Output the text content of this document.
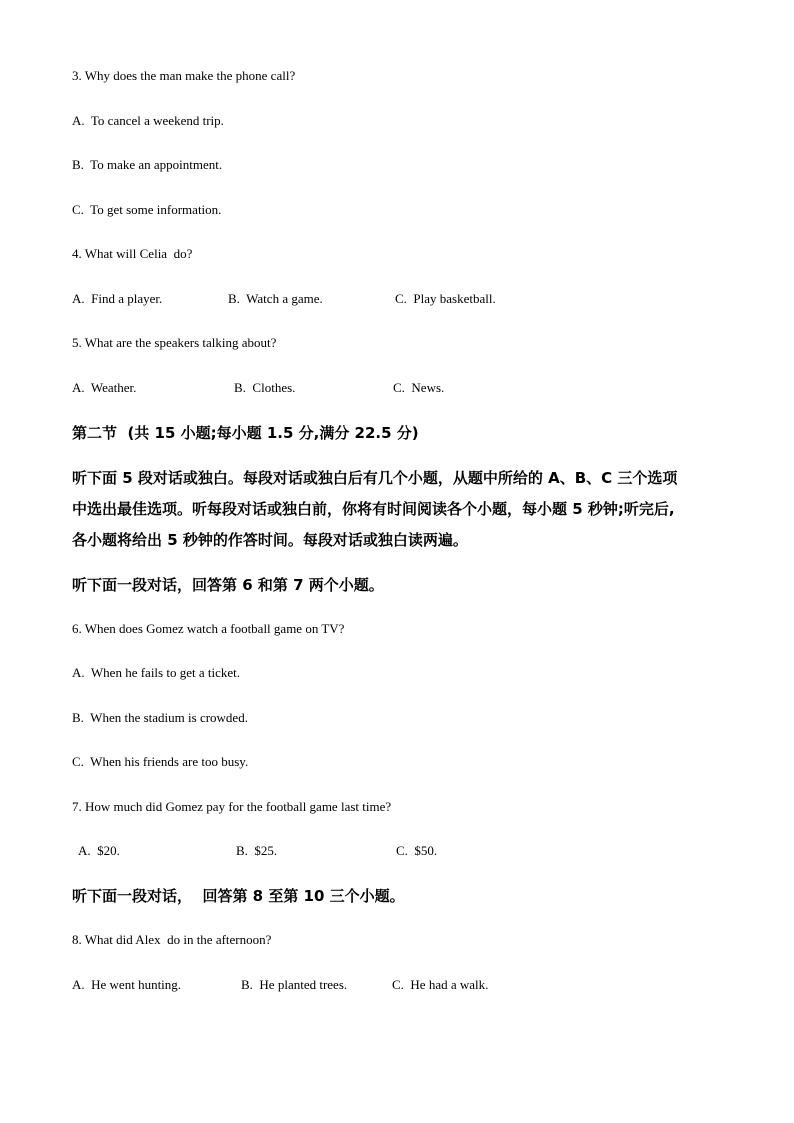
3. Why does the man make the phone call?
A.  To cancel a weekend trip.
B.  To make an appointment.
C.  To get some information.
4. What will Celia  do?
A.  Find a player.	B.  Watch a game.	C.  Play basketball.
5. What are the speakers talking about?
A.  Weather.	B.  Clothes.	C.  News.
第二节  (共 15 小题;每小题 1.5 分,满分 22.5 分)
听下面 5 段对话或独白。每段对话或独白后有几个小题，从题中所给的 A、B、C 三个选项
中选出最佳选项。听每段对话或独白前，你将有时间阅读各个小题，每小题 5 秒钟;听完后,
各小题将给出 5 秒钟的作答时间。每段对话或独白读两遍。
听下面一段对话，回答第 6 和第 7 两个小题。
6. When does Gomez watch a football game on TV?
A.  When he fails to get a ticket.
B.  When the stadium is crowded.
C.  When his friends are too busy.
7. How much did Gomez pay for the football game last time?
A.  $20.	B.  $25.	C.  $50.
听下面一段对话，  回答第 8 至第 10 三个小题。
8. What did Alex  do in the afternoon?
A.  He went hunting.	B.  He planted trees.	C.  He had a walk.
